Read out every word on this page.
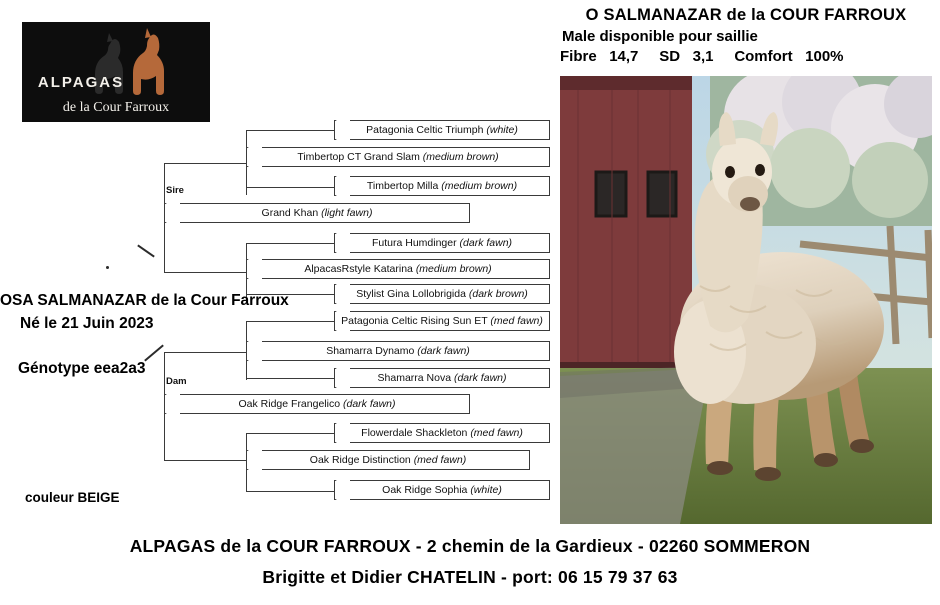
ALPAGAS
de la Cour Farroux
O SALMANAZAR de la COUR FARROUX
Male disponible pour saillie
Fibre 14,7 SD 3,1 Comfort 100%
Sire
Dam
Patagonia Celtic Triumph (white)
Timbertop CT Grand Slam (medium brown)
Timbertop Milla (medium brown)
Grand Khan (light fawn)
Futura Humdinger (dark fawn)
AlpacasRstyle Katarina (medium brown)
Stylist Gina Lollobrigida (dark brown)
Patagonia Celtic Rising Sun ET (med fawn)
Shamarra Dynamo (dark fawn)
Shamarra Nova (dark fawn)
Oak Ridge Frangelico (dark fawn)
Flowerdale Shackleton (med fawn)
Oak Ridge Distinction (med fawn)
Oak Ridge Sophia (white)
OSA SALMANAZAR de la Cour Farroux
Né le 21 Juin 2023
Génotype eea2a3
couleur BEIGE
ALPAGAS de la COUR FARROUX - 2 chemin de la Gardieux - 02260 SOMMERON
Brigitte et Didier CHATELIN - port: 06 15 79 37 63
